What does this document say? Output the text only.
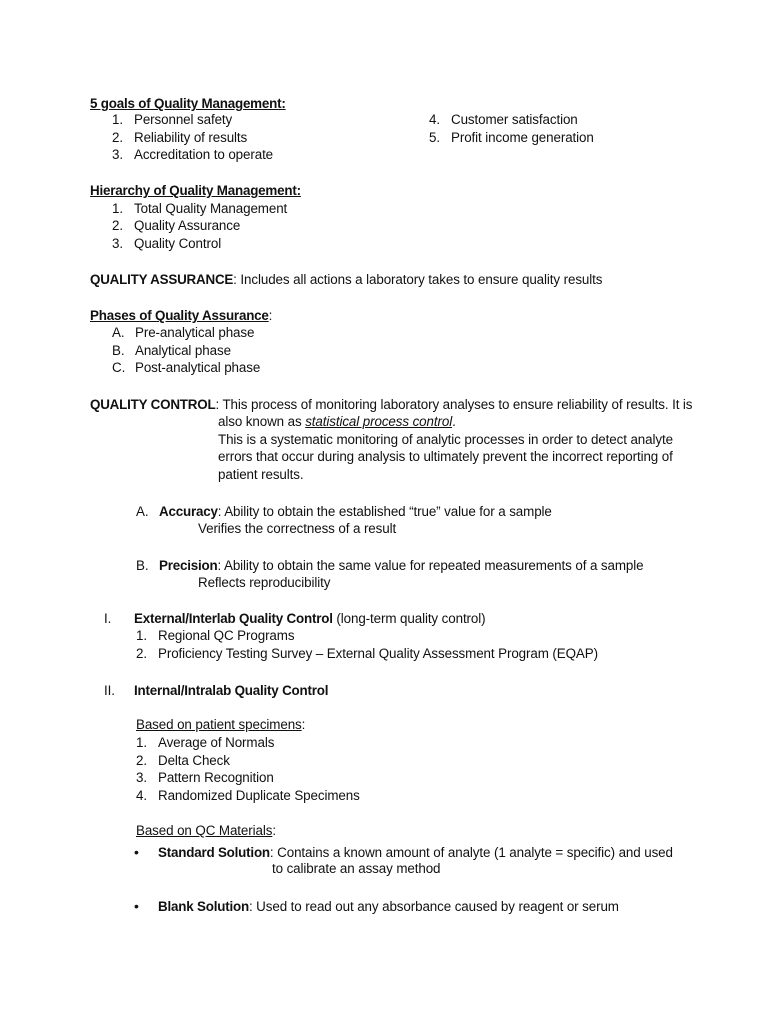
5 goals of Quality Management:
1. Personnel safety
2. Reliability of results
3. Accreditation to operate
4. Customer satisfaction
5. Profit income generation
Hierarchy of Quality Management:
1. Total Quality Management
2. Quality Assurance
3. Quality Control
QUALITY ASSURANCE: Includes all actions a laboratory takes to ensure quality results
Phases of Quality Assurance:
A. Pre-analytical phase
B. Analytical phase
C. Post-analytical phase
QUALITY CONTROL: This process of monitoring laboratory analyses to ensure reliability of results. It is
also known as statistical process control.
This is a systematic monitoring of analytic processes in order to detect analyte
errors that occur during analysis to ultimately prevent the incorrect reporting of
patient results.
A. Accuracy: Ability to obtain the established “true” value for a sample
Verifies the correctness of a result
B. Precision: Ability to obtain the same value for repeated measurements of a sample
Reflects reproducibility
I. External/Interlab Quality Control (long-term quality control)
1. Regional QC Programs
2. Proficiency Testing Survey – External Quality Assessment Program (EQAP)
II. Internal/Intralab Quality Control
Based on patient specimens:
1. Average of Normals
2. Delta Check
3. Pattern Recognition
4. Randomized Duplicate Specimens
Based on QC Materials:
• Standard Solution: Contains a known amount of analyte (1 analyte = specific) and used
to calibrate an assay method
• Blank Solution: Used to read out any absorbance caused by reagent or serum
